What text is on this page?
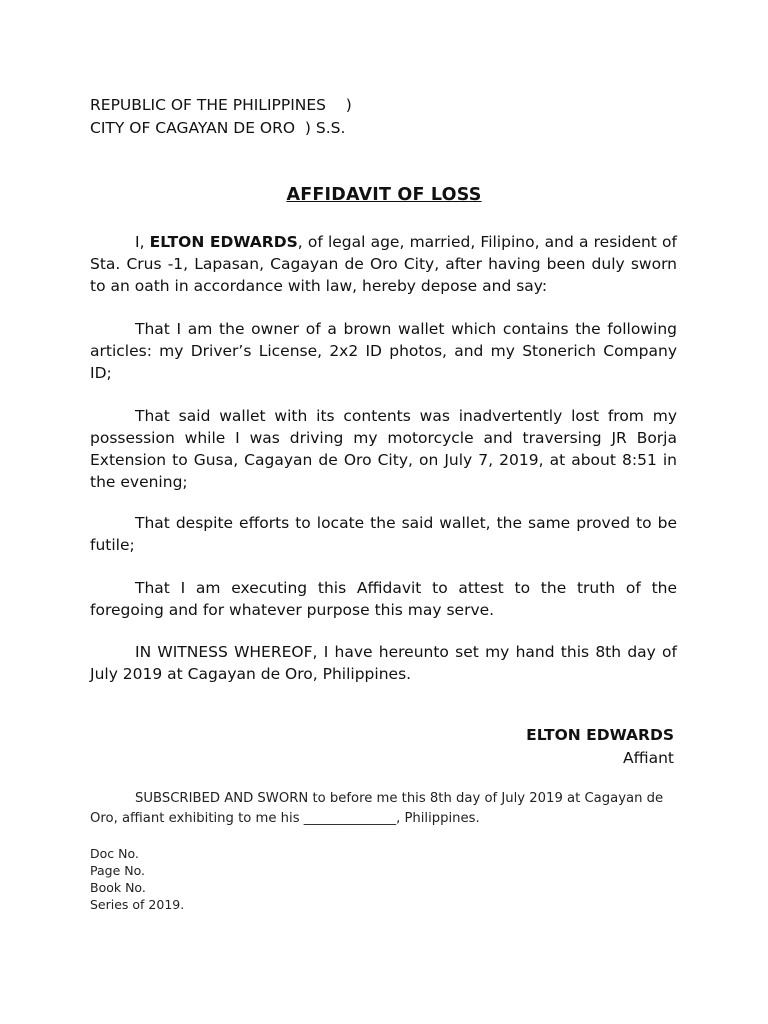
REPUBLIC OF THE PHILIPPINES    )
CITY OF CAGAYAN DE ORO  ) S.S.
AFFIDAVIT OF LOSS

I, ELTON EDWARDS, of legal age, married, Filipino, and a resident of Sta. Crus -1, Lapasan, Cagayan de Oro City, after having been duly sworn to an oath in accordance with law, hereby depose and say:

That I am the owner of a brown wallet which contains the following articles: my Driver’s License, 2x2 ID photos, and my Stonerich Company ID;

That said wallet with its contents was inadvertently lost from my possession while I was driving my motorcycle and traversing JR Borja Extension to Gusa, Cagayan de Oro City, on July 7, 2019, at about 8:51 in the evening;

That despite efforts to locate the said wallet, the same proved to be futile;

That I am executing this Affidavit to attest to the truth of the foregoing and for whatever purpose this may serve.

IN WITNESS WHEREOF, I have hereunto set my hand this 8th day of July 2019 at Cagayan de Oro, Philippines.

ELTON EDWARDS
Affiant

SUBSCRIBED AND SWORN to before me this 8th day of July 2019 at Cagayan de Oro, affiant exhibiting to me his ______________, Philippines.

Doc No.
Page No.
Book No.
Series of 2019.
